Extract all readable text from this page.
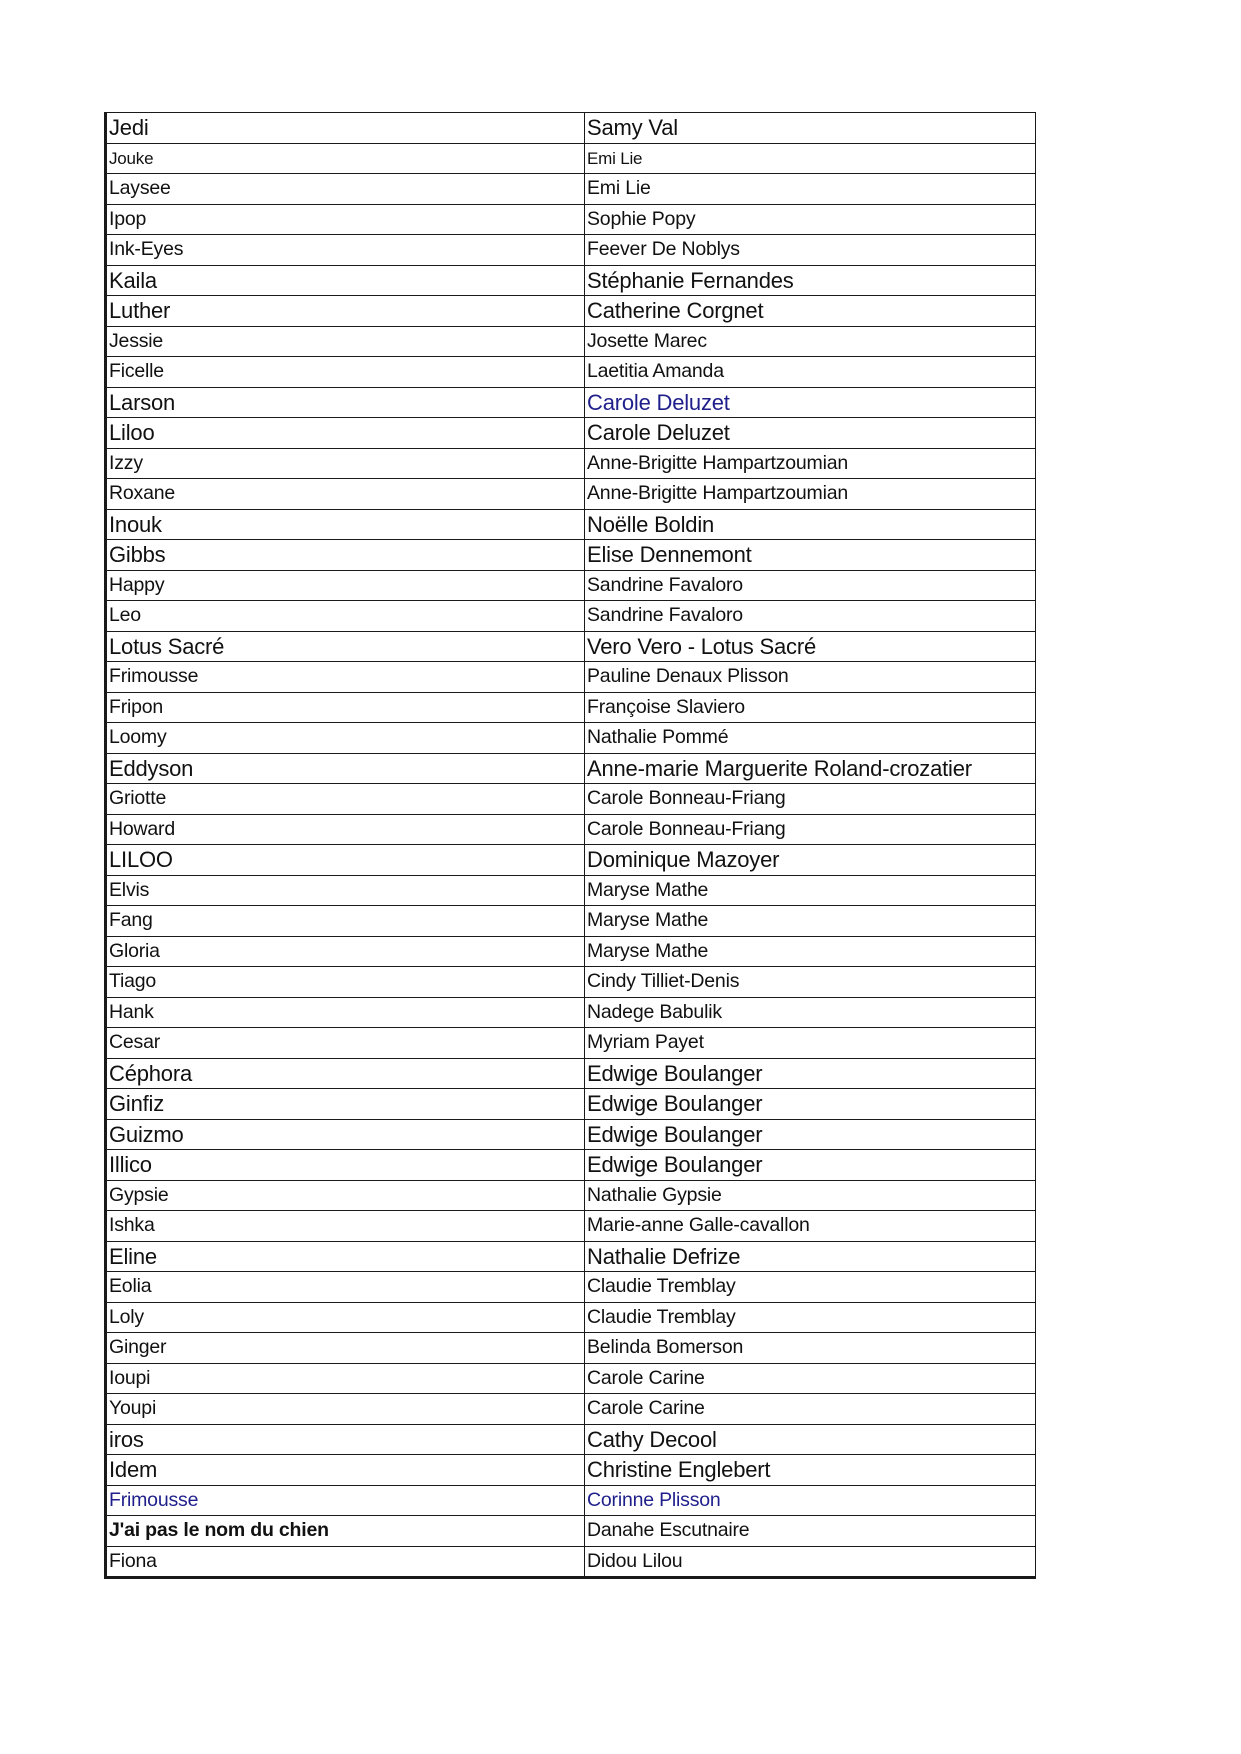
Jedi	Samy Val
Jouke	Emi Lie
Laysee	Emi Lie
Ipop	Sophie Popy
Ink-Eyes	Feever De Noblys
Kaila	Stéphanie Fernandes
Luther	Catherine Corgnet
Jessie	Josette Marec
Ficelle	Laetitia Amanda
Larson	Carole Deluzet
Liloo	Carole Deluzet
Izzy	Anne-Brigitte Hampartzoumian
Roxane	Anne-Brigitte Hampartzoumian
Inouk	Noëlle Boldin
Gibbs	Elise Dennemont
Happy	Sandrine Favaloro
Leo	Sandrine Favaloro
Lotus Sacré	Vero Vero - Lotus Sacré
Frimousse	Pauline Denaux Plisson
Fripon	Françoise Slaviero
Loomy	Nathalie Pommé
Eddyson	Anne-marie Marguerite Roland-crozatier
Griotte	Carole Bonneau-Friang
Howard	Carole Bonneau-Friang
LILOO	Dominique Mazoyer
Elvis	Maryse Mathe
Fang	Maryse Mathe
Gloria	Maryse Mathe
Tiago	Cindy Tilliet-Denis
Hank	Nadege Babulik
Cesar	Myriam Payet
Céphora	Edwige Boulanger
Ginfiz	Edwige Boulanger
Guizmo	Edwige Boulanger
Illico	Edwige Boulanger
Gypsie	Nathalie Gypsie
Ishka	Marie-anne Galle-cavallon
Eline	Nathalie Defrize
Eolia	Claudie Tremblay
Loly	Claudie Tremblay
Ginger	Belinda Bomerson
Ioupi	Carole Carine
Youpi	Carole Carine
iros	Cathy Decool
Idem	Christine Englebert
Frimousse	Corinne Plisson
J'ai pas le nom du chien	Danahe Escutnaire
Fiona	Didou Lilou
